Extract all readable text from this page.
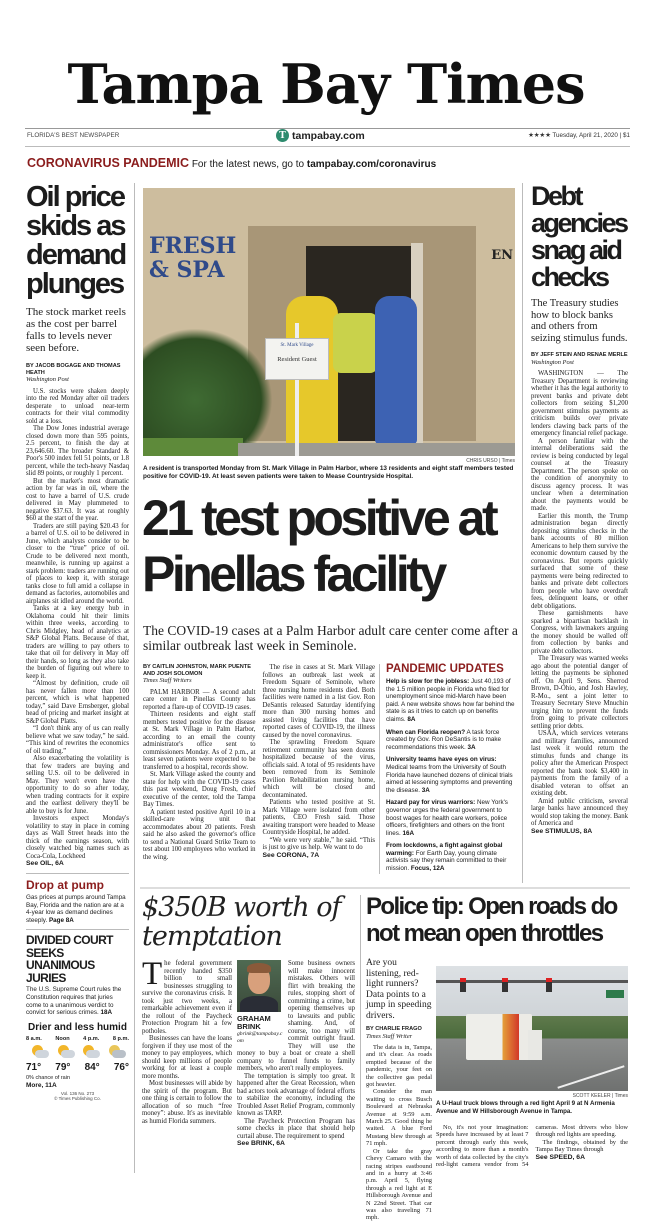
Tampa Bay Times
FLORIDA'S BEST NEWSPAPER	T tampabay.com	★★★★ Tuesday, April 21, 2020 | $1
CORONAVIRUS PANDEMIC For the latest news, go to tampabay.com/coronavirus
Oil price skids as demand plunges
The stock market reels as the cost per barrel falls to levels never seen before.
BY JACOB BOGAGE AND THOMAS HEATH
Washington Post

U.S. stocks were shaken deeply into the red Monday after oil traders desperate to unload near-term contracts for their vital commodity sold at a loss.

The Dow Jones industrial average closed down more than 595 points, 2.5 percent, to finish the day at 23,646.60. The broader Standard & Poor's 500 index fell 51 points, or 1.8 percent, while the tech-heavy Nasdaq slid 89 points, or roughly 1 percent.

But the market's most dramatic action by far was in oil, where the cost to have a barrel of U.S. crude delivered in May plummeted to negative $37.63. It was at roughly $60 at the start of the year.

Traders are still paying $20.43 for a barrel of U.S. oil to be delivered in June, which analysts consider to be closer to the “true” price of oil. Crude to be delivered next month, meanwhile, is running up against a stark problem: traders are running out of places to keep it, with storage tanks close to full amid a collapse in demand as factories, automobiles and airplanes sit idled around the world.

Tanks at a key energy hub in Oklahoma could hit their limits within three weeks, according to Chris Midgley, head of analytics at S&P Global Platts. Because of that, traders are willing to pay others to take that oil for delivery in May off their hands, so long as they also take the burden of figuring out where to keep it.

“Almost by definition, crude oil has never fallen more than 100 percent, which is what happened today,” said Dave Ernsberger, global head of pricing and market insight at S&P Global Platts.

“I don't think any of us can really believe what we saw today,” he said. “This kind of rewrites the economics of oil trading.”

Also exacerbating the volatility is that few traders are buying and selling U.S. oil to be delivered in May. They won't even have the opportunity to do so after today, when trading contracts for it expire and the earliest delivery they'll be able to buy is for June.

Investors expect Monday's volatility to stay in place in coming days as Wall Street heads into the thick of the earnings season, with closely watched big names such as Coca-Cola, Lockheed

See OIL, 6A
Drop at pump
Gas prices at pumps around Tampa Bay, Florida and the nation are at a 4-year low as demand declines steeply. Page 8A
DIVIDED COURT SEEKS UNANIMOUS JURIES
The U.S. Supreme Court rules the Constitution requires that juries come to a unanimous verdict to convict for serious crimes. 18A
Drier and less humid
8 a.m. Noon 4 p.m. 8 p.m.
71° 79° 84° 76°
0% chance of rain
More, 11A
Vol. 136 No. 273
© Times Publishing Co.
FRESH
& SPA
EN
St. Mark Village
Resident Guest
CHRIS URSO | Times
A resident is transported Monday from St. Mark Village in Palm Harbor, where 13 residents and eight staff members tested positive for COVID-19. At least seven patients were taken to Mease Countryside Hospital.
21 test positive at Pinellas facility
The COVID-19 cases at a Palm Harbor adult care center come after a similar outbreak last week in Seminole.
BY CAITLIN JOHNSTON, MARK PUENTE AND JOSH SOLOMON
Times Staff Writers

PALM HARBOR — A second adult care center in Pinellas County has reported a flare-up of COVID-19 cases.

Thirteen residents and eight staff members tested positive for the disease at St. Mark Village in Palm Harbor, according to an email the county administrator's office sent to commissioners Monday. As of 2 p.m., at least seven patients were expected to be transferred to a hospital, records show.

St. Mark Village asked the county and state for help with the COVID-19 cases this past weekend, Doug Fresh, chief executive of the center, told the Tampa Bay Times.

A patient tested positive April 10 in a skilled-care wing unit that accommodates about 20 patients. Fresh said he also asked the governor's office to send a National Guard Strike Team to test about 100 employees who worked in the wing.

The rise in cases at St. Mark Village follows an outbreak last week at Freedom Square of Seminole, where three nursing home residents died. Both facilities were named in a list Gov. Ron DeSantis released Saturday identifying more than 300 nursing homes and assisted living facilities that have reported cases of COVID-19, the illness caused by the novel coronavirus.

The sprawling Freedom Square retirement community has seen dozens hospitalized because of the virus, officials said. A total of 95 residents have been removed from its Seminole Pavilion Rehabilitation nursing home, which will be closed and decontaminated.

Patients who tested positive at St. Mark Village were isolated from other patients, CEO Fresh said. Those awaiting transport were headed to Mease Countryside Hospital, he added.

“We were very stable,” he said. “This is just to give us help. We want to do

See CORONA, 7A
PANDEMIC UPDATES
Help is slow for the jobless: Just 40,193 of the 1.5 million people in Florida who filed for unemployment since mid-March have been paid. A new website shows how far behind the state is as it tries to catch up on benefits claims. 8A
When can Florida reopen? A task force created by Gov. Ron DeSantis is to make recommendations this week. 3A
University teams have eyes on virus: Medical teams from the University of South Florida have launched dozens of clinical trials aimed at lessening symptoms and preventing the disease. 3A
Hazard pay for virus warriors: New York's governor urges the federal government to boost wages for health care workers, police officers, firefighters and others on the front lines. 16A
From lockdowns, a fight against global warming: For Earth Day, young climate activists say they remain committed to their mission. Focus, 12A
Debt agencies snag aid checks
The Treasury studies how to block banks and others from seizing stimulus funds.
BY JEFF STEIN AND RENAE MERLE
Washington Post

WASHINGTON — The Treasury Department is reviewing whether it has the legal authority to prevent banks and private debt collectors from seizing $1,200 government stimulus payments as criticism builds over private lenders clawing back parts of the emergency financial relief package.

A person familiar with the internal deliberations said the review is being conducted by legal counsel at the Treasury Department. The person spoke on the condition of anonymity to discuss agency process. It was unclear when a determination about the payments would be made.

Earlier this month, the Trump administration began directly depositing stimulus checks in the bank accounts of 80 million Americans to help them survive the economic downturn caused by the coronavirus. But reports quickly surfaced that some of these payments were being redirected to banks and private debt collectors from people who have overdraft fees, delinquent loans, or other debt obligations.

These garnishments have sparked a bipartisan backlash in Congress, with lawmakers arguing the money should be walled off from collection by banks and private debt collectors.

The Treasury was warned weeks ago about the potential danger of letting the payments be siphoned off. On April 9, Sens. Sherrod Brown, D-Ohio, and Josh Hawley, R-Mo., sent a joint letter to Treasury Secretary Steve Mnuchin urging him to prevent the funds from going to private collectors settling prior debts.

USAA, which services veterans and military families, announced last week it would return the stimulus funds and change its policy after the American Prospect reported the bank took $3,400 in payments from the family of a disabled veteran to offset an existing debt.

Amid public criticism, several large banks have announced they would stop taking the money. Bank of America and

See STIMULUS, 8A
$350B worth of temptation

The federal government recently handed $350 billion to small businesses struggling to survive the coronavirus crisis. It took just two weeks, a remarkable achievement even if the rollout of the Paycheck Protection Program hit a few potholes.

Businesses can have the loans forgiven if they use most of the money to pay employees, which should keep millions of people working for at least a couple more months.

Most businesses will abide by the spirit of the program. But one thing is certain to follow the allocation of so much “free money”: abuse. It's as inevitable as humid Florida summers.

GRAHAM BRINK
gbrink@tampabay.com

Some business owners will make innocent mistakes. Others will flirt with breaking the rules, stopping short of committing a crime, but opening themselves up to lawsuits and public shaming. And, of course, too many will commit outright fraud. They will use the money to buy a boat or create a shell company to funnel funds to family members, who aren't really employees.

The temptation is simply too great. It happened after the Great Recession, when bad actors took advantage of federal efforts to stabilize the economy, including the Troubled Asset Relief Program, commonly known as TARP.

The Paycheck Protection Program has some checks in place that should help curtail abuse. The requirement to spend

See BRINK, 6A
Police tip: Open roads do not mean open throttles
Are you listening, red-light runners? Data points to a jump in speeding drivers.
BY CHARLIE FRAGO
Times Staff Writer

The data is in, Tampa, and it's clear. As roads emptied because of the pandemic, your feet on the collective gas pedal got heavier.

Consider the man waiting to cross Busch Boulevard at Nebraska Avenue at 9:59 a.m. March 25. Good thing he waited. A blue Ford Mustang blew through at 71 mph.

Or take the gray Chevy Camaro with the racing stripes eastbound and in a hurry at 3:46 p.m. April 5, flying through a red light at E Hillsborough Avenue and N 22nd Street. That car was also traveling 71 mph.

SCOTT KEELER | Times
A U-Haul truck blows through a red light April 9 at N Armenia Avenue and W Hillsborough Avenue in Tampa.

No, it's not your imagination: Speeds have increased by at least 7 percent through early this week, according to more than a month's worth of data collected by the city's red-light camera vendor from 54 cameras. Most drivers who blow through red lights are speeding.

The findings, obtained by the Tampa Bay Times through

See SPEED, 6A
